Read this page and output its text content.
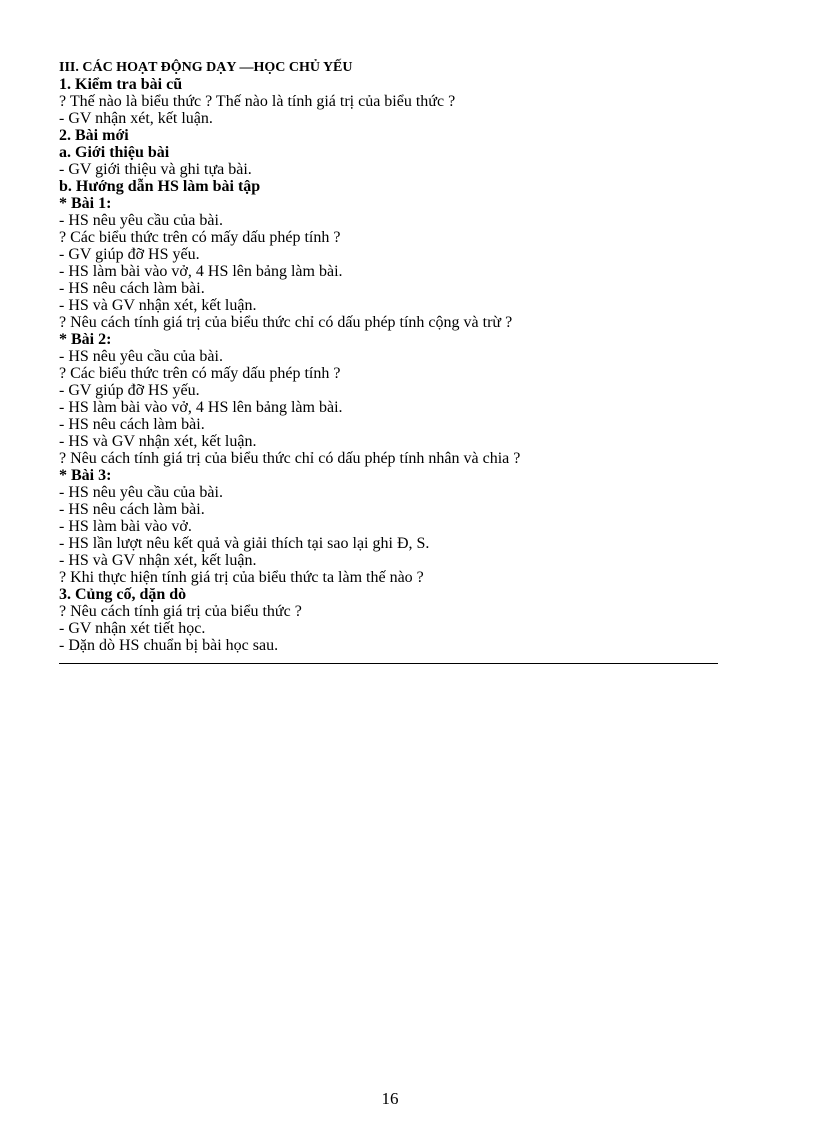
III. CÁC HOẠT ĐỘNG DẠY —HỌC CHỦ YẾU
1. Kiểm tra bài cũ
? Thế nào là biểu thức ? Thế nào là tính giá trị của biểu thức ?
- GV nhận xét, kết luận.
2. Bài mới
a. Giới thiệu bài
- GV giới thiệu và ghi tựa bài.
b. Hướng dẫn HS làm bài tập
* Bài 1:
- HS nêu yêu cầu của bài.
? Các biểu thức trên có mấy dấu phép tính ?
- GV giúp đỡ HS yếu.
- HS làm bài vào vở, 4 HS lên bảng làm bài.
- HS nêu cách làm bài.
- HS và GV nhận xét, kết luận.
? Nêu cách tính giá trị của biểu thức chỉ có dấu phép tính cộng và trừ ?
* Bài 2:
- HS nêu yêu cầu của bài.
? Các biểu thức trên có mấy dấu phép tính ?
- GV giúp đỡ HS yếu.
- HS làm bài vào vở, 4 HS lên bảng làm bài.
- HS nêu cách làm bài.
- HS và GV nhận xét, kết luận.
? Nêu cách tính giá trị của biểu thức chỉ có dấu phép tính nhân và chia ?
* Bài 3:
- HS nêu yêu cầu của bài.
- HS nêu cách làm bài.
- HS làm bài vào vở.
- HS lần lượt nêu kết quả và giải thích tại sao lại ghi Đ, S.
- HS và GV nhận xét, kết luận.
? Khi thực hiện tính giá trị của biểu thức ta làm thế nào ?
3. Củng cố, dặn dò
? Nêu cách tính giá trị của biểu thức ?
- GV nhận xét tiết học.
- Dặn dò HS chuẩn bị bài học sau.
16
